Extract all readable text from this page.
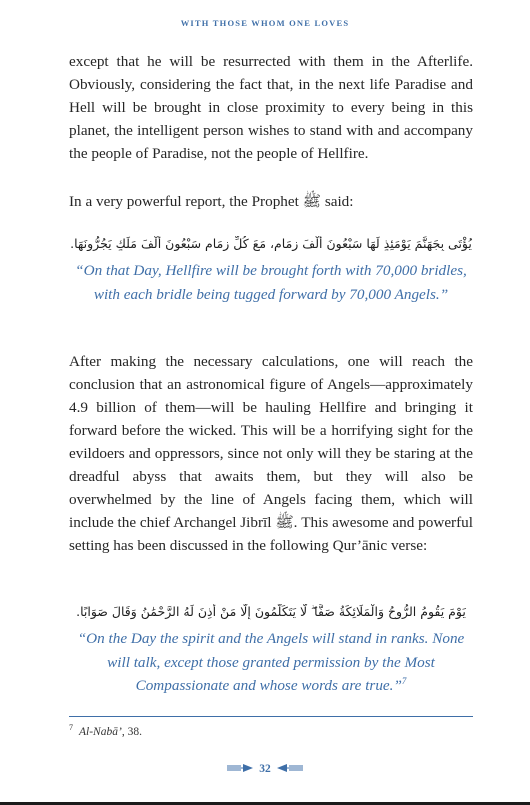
WITH THOSE WHOM ONE LOVES

except that he will be resurrected with them in the Afterlife. Obviously, considering the fact that, in the next life Paradise and Hell will be brought in close proximity to every being in this planet, the intelligent person wishes to stand with and accompany the people of Paradise, not the people of Hellfire.

In a very powerful report, the Prophet ﷺ said:

يُؤْتَى بِجَهَنَّمَ يَوْمَئِذٍ لَهَا سَبْعُونَ أَلْفَ زِمَامٍ، مَعَ كُلِّ زِمَامٍ سَبْعُونَ أَلْفَ مَلَكٍ يَجُرُّونَهَا.
“On that Day, Hellfire will be brought forth with 70,000 bridles, with each bridle being tugged forward by 70,000 Angels.”

After making the necessary calculations, one will reach the conclusion that an astronomical figure of Angels—approximately 4.9 billion of them—will be hauling Hellfire and bringing it forward before the wicked. This will be a horrifying sight for the evildoers and oppressors, since not only will they be staring at the dreadful abyss that awaits them, but they will also be overwhelmed by the line of Angels facing them, which will include the chief Archangel Jibrīl ﷺ. This awesome and powerful setting has been discussed in the following Qur’ānic verse:

يَوْمَ يَقُومُ الرُّوحُ وَالْمَلَائِكَةُ صَفًّا ۖ لَّا يَتَكَلَّمُونَ إِلَّا مَنْ أَذِنَ لَهُ الرَّحْمَٰنُ وَقَالَ صَوَابًا.
“On the Day the spirit and the Angels will stand in ranks. None will talk, except those granted permission by the Most Compassionate and whose words are true.”$^7$
$^7$ Al-Nabā’, 38.
32
